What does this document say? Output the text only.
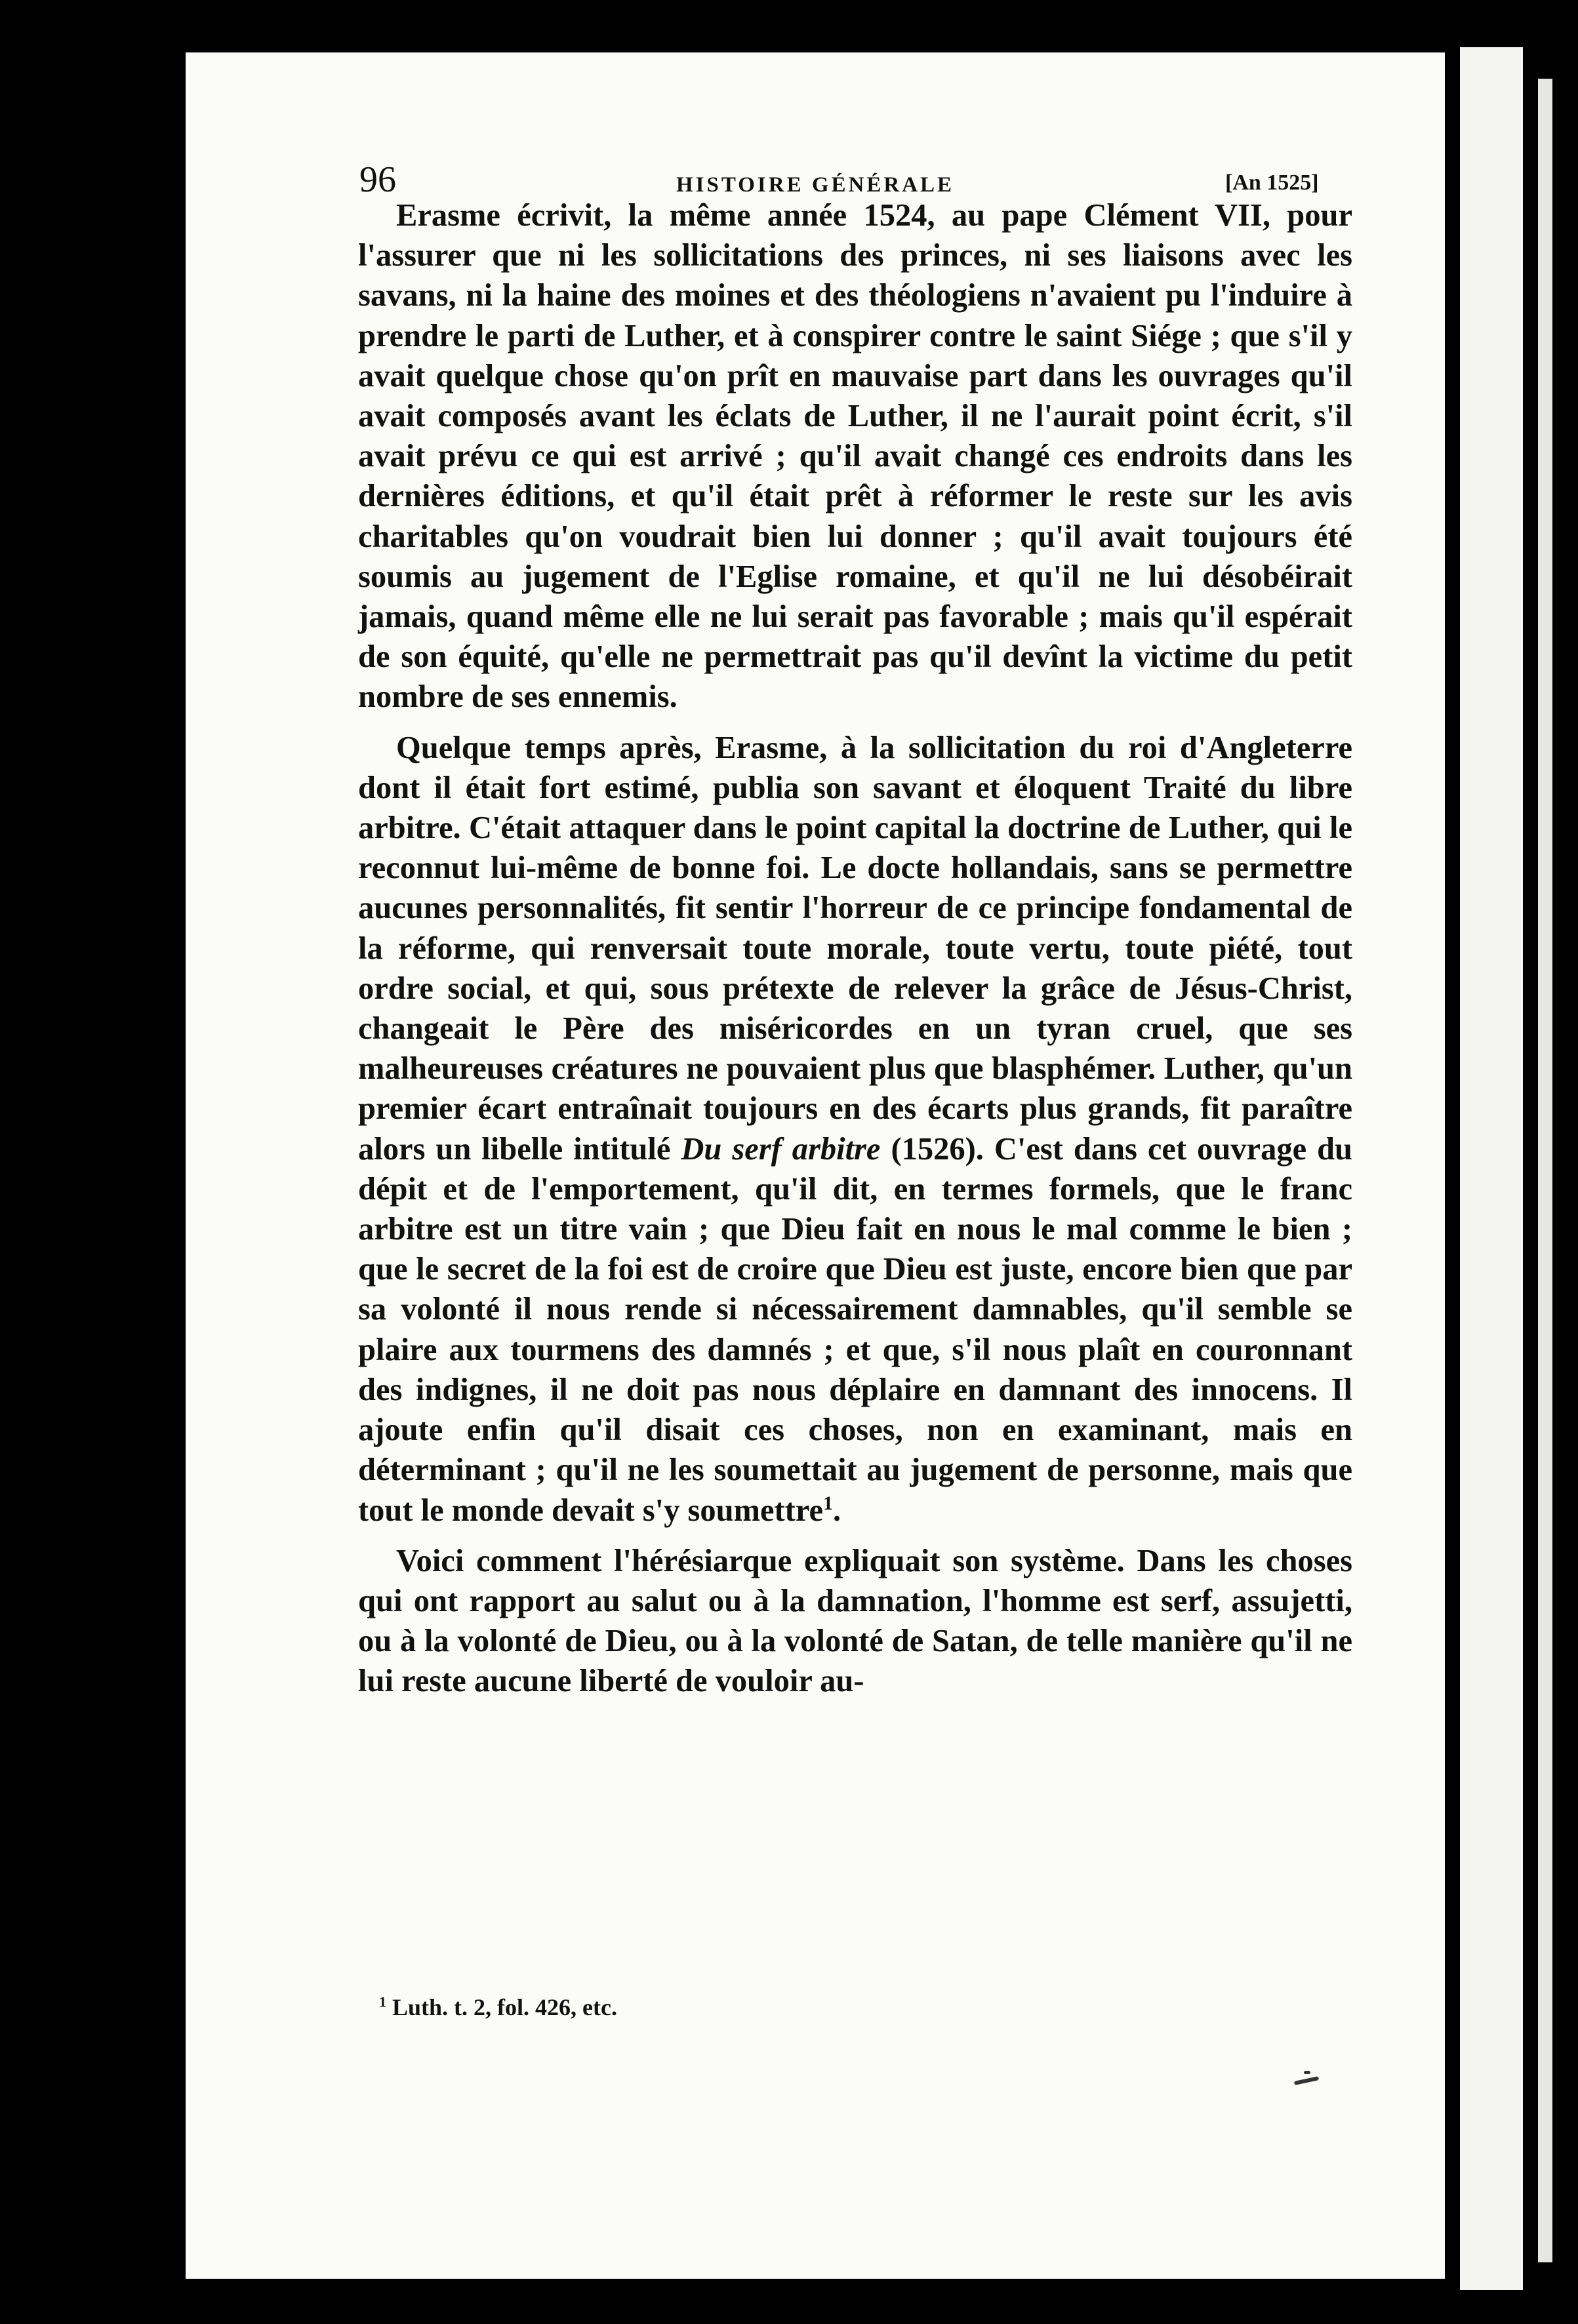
96	HISTOIRE GÉNÉRALE	[An 1525]

Erasme écrivit, la même année 1524, au pape Clément VII, pour l'assurer que ni les sollicitations des princes, ni ses liaisons avec les savans, ni la haine des moines et des théologiens n'avaient pu l'induire à prendre le parti de Luther, et à conspirer contre le saint Siége ; que s'il y avait quelque chose qu'on prît en mauvaise part dans les ouvrages qu'il avait composés avant les éclats de Luther, il ne l'aurait point écrit, s'il avait prévu ce qui est arrivé ; qu'il avait changé ces endroits dans les dernières éditions, et qu'il était prêt à réformer le reste sur les avis charitables qu'on voudrait bien lui donner ; qu'il avait toujours été soumis au jugement de l'Eglise romaine, et qu'il ne lui désobéirait jamais, quand même elle ne lui serait pas favorable ; mais qu'il espérait de son équité, qu'elle ne permettrait pas qu'il devînt la victime du petit nombre de ses ennemis.

Quelque temps après, Erasme, à la sollicitation du roi d'Angleterre dont il était fort estimé, publia son savant et éloquent Traité du libre arbitre. C'était attaquer dans le point capital la doctrine de Luther, qui le reconnut lui-même de bonne foi. Le docte hollandais, sans se permettre aucunes personnalités, fit sentir l'horreur de ce principe fondamental de la réforme, qui renversait toute morale, toute vertu, toute piété, tout ordre social, et qui, sous prétexte de relever la grâce de Jésus-Christ, changeait le Père des miséricordes en un tyran cruel, que ses malheureuses créatures ne pouvaient plus que blasphémer. Luther, qu'un premier écart entraînait toujours en des écarts plus grands, fit paraître alors un libelle intitulé Du serf arbitre (1526). C'est dans cet ouvrage du dépit et de l'emportement, qu'il dit, en termes formels, que le franc arbitre est un titre vain ; que Dieu fait en nous le mal comme le bien ; que le secret de la foi est de croire que Dieu est juste, encore bien que par sa volonté il nous rende si nécessairement damnables, qu'il semble se plaire aux tourmens des damnés ; et que, s'il nous plaît en couronnant des indignes, il ne doit pas nous déplaire en damnant des innocens. Il ajoute enfin qu'il disait ces choses, non en examinant, mais en déterminant ; qu'il ne les soumettait au jugement de personne, mais que tout le monde devait s'y soumettre$^1$.

Voici comment l'hérésiarque expliquait son système. Dans les choses qui ont rapport au salut ou à la damnation, l'homme est serf, assujetti, ou à la volonté de Dieu, ou à la volonté de Satan, de telle manière qu'il ne lui reste aucune liberté de vouloir au-

$^1$ Luth. t. 2, fol. 426, etc.
